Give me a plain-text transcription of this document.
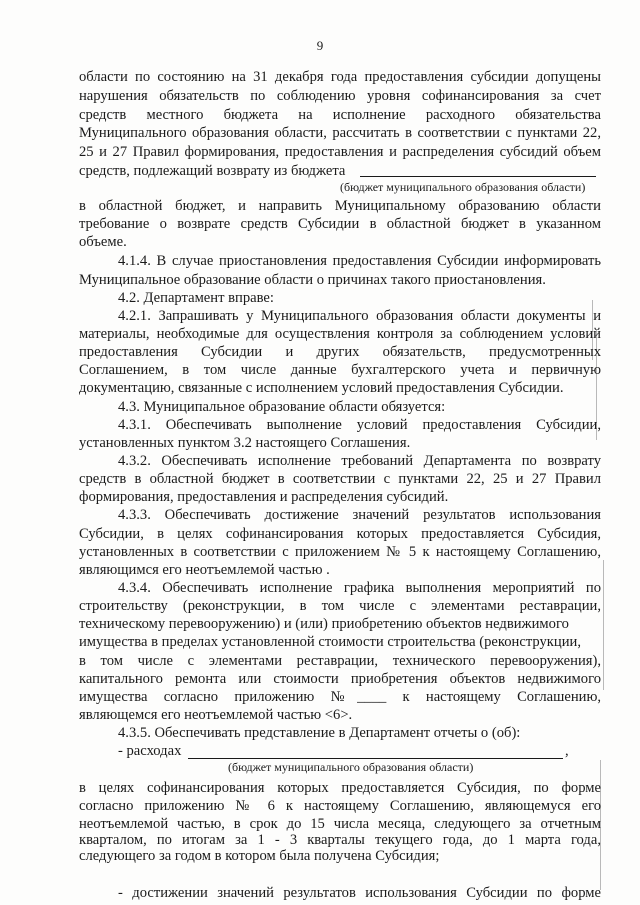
9
области по состоянию на 31 декабря года предоставления субсидии допущены
нарушения обязательств по соблюдению уровня софинансирования за счет
средств местного бюджета на исполнение расходного обязательства
Муниципального образования области, рассчитать в соответствии с пунктами 22,
25 и 27 Правил формирования, предоставления и распределения субсидий объем
средств, подлежащий возврату из бюджета
(бюджет муниципального образования области)
в областной бюджет, и направить Муниципальному образованию области
требование о возврате средств Субсидии в областной бюджет в указанном
объеме.
4.1.4. В случае приостановления предоставления Субсидии информировать
Муниципальное образование области о причинах такого приостановления.
4.2. Департамент вправе:
4.2.1. Запрашивать у Муниципального образования области документы и
материалы, необходимые для осуществления контроля за соблюдением условий
предоставления Субсидии и других обязательств, предусмотренных
Соглашением, в том числе данные бухгалтерского учета и первичную
документацию, связанные с исполнением условий предоставления Субсидии.
4.3. Муниципальное образование области обязуется:
4.3.1. Обеспечивать выполнение условий предоставления Субсидии,
установленных пунктом 3.2 настоящего Соглашения.
4.3.2. Обеспечивать исполнение требований Департамента по возврату
средств в областной бюджет в соответствии с пунктами 22, 25 и 27 Правил
формирования, предоставления и распределения субсидий.
4.3.3. Обеспечивать достижение значений результатов использования
Субсидии, в целях софинансирования которых предоставляется Субсидия,
установленных в соответствии с приложением № 5 к настоящему Соглашению,
являющимся его неотъемлемой частью .
4.3.4. Обеспечивать исполнение графика выполнения мероприятий по
строительству (реконструкции, в том числе с элементами реставрации,
техническому перевооружению) и (или) приобретению объектов недвижимого
имущества в пределах установленной стоимости строительства (реконструкции,
в том числе с элементами реставрации, технического перевооружения),
капитального ремонта или стоимости приобретения объектов недвижимого
имущества согласно приложению №____ к настоящему Соглашению,
являющемся его неотъемлемой частью <6>.
4.3.5. Обеспечивать представление в Департамент отчеты о (об):
- расходах	,
(бюджет муниципального образования области)
в целях софинансирования которых предоставляется Субсидия, по форме
согласно приложению № 6 к настоящему Соглашению, являющемуся его
неотъемлемой частью, в срок до 15 числа месяца, следующего за отчетным
кварталом, по итогам за 1 - 3 кварталы текущего года, до 1 марта года,
следующего за годом в котором была получена Субсидия;
- достижении значений результатов использования Субсидии по форме
